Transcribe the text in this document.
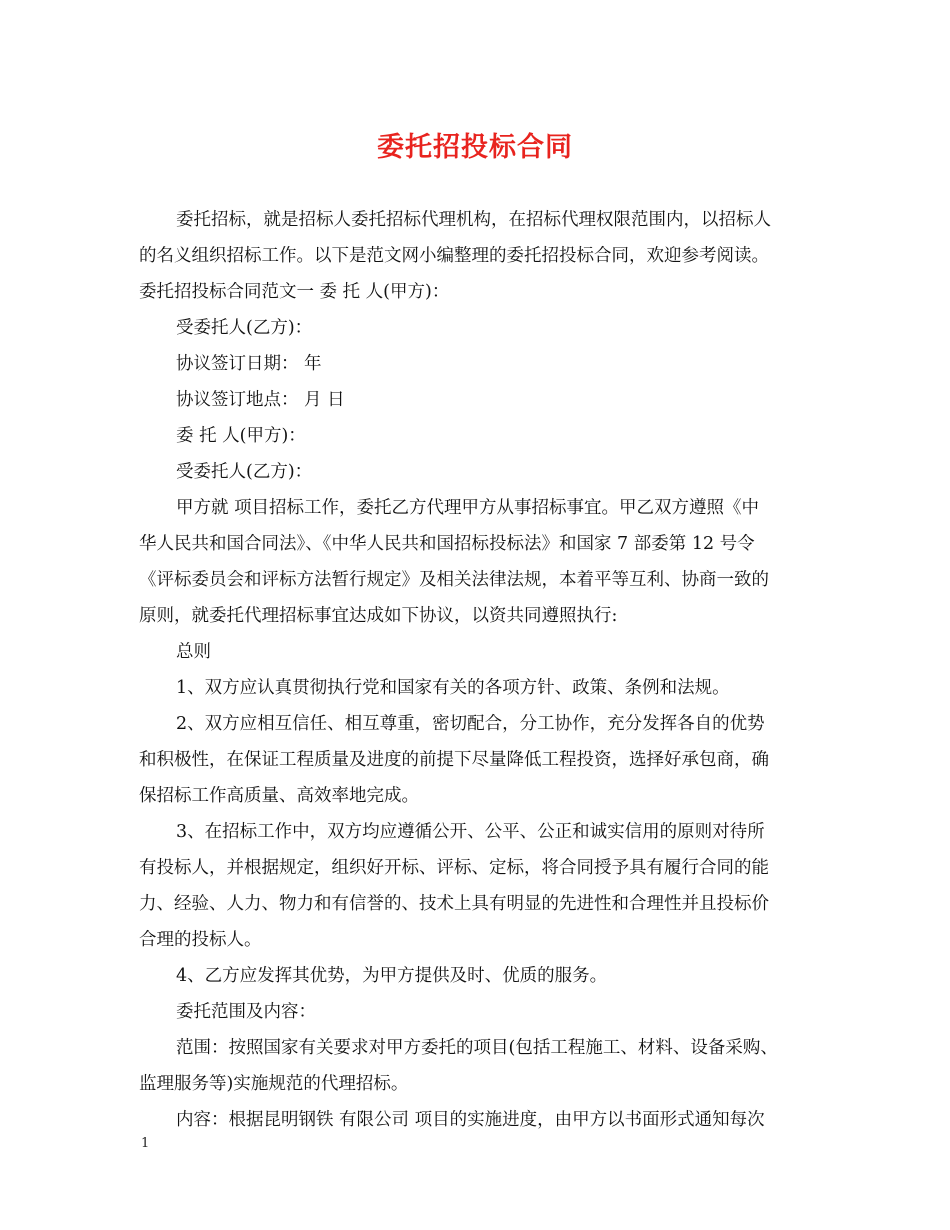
委托招投标合同
委托招标，就是招标人委托招标代理机构，在招标代理权限范围内，以招标人
的名义组织招标工作。以下是范文网小编整理的委托招投标合同，欢迎参考阅读。
委托招投标合同范文一 委 托 人(甲方)：
受委托人(乙方)：
协议签订日期： 年
协议签订地点： 月 日
委 托 人(甲方)：
受委托人(乙方)：
甲方就 项目招标工作，委托乙方代理甲方从事招标事宜。甲乙双方遵照《中
华人民共和国合同法》、《中华人民共和国招标投标法》和国家 7 部委第 12 号令
《评标委员会和评标方法暂行规定》及相关法律法规，本着平等互利、协商一致的
原则，就委托代理招标事宜达成如下协议，以资共同遵照执行:
总则
1、双方应认真贯彻执行党和国家有关的各项方针、政策、条例和法规。
2、双方应相互信任、相互尊重，密切配合，分工协作，充分发挥各自的优势
和积极性，在保证工程质量及进度的前提下尽量降低工程投资，选择好承包商，确
保招标工作高质量、高效率地完成。
3、在招标工作中，双方均应遵循公开、公平、公正和诚实信用的原则对待所
有投标人，并根据规定，组织好开标、评标、定标，将合同授予具有履行合同的能
力、经验、人力、物力和有信誉的、技术上具有明显的先进性和合理性并且投标价
合理的投标人。
4、乙方应发挥其优势，为甲方提供及时、优质的服务。
委托范围及内容：
范围：按照国家有关要求对甲方委托的项目(包括工程施工、材料、设备采购、
监理服务等)实施规范的代理招标。
内容：根据昆明钢铁 有限公司 项目的实施进度，由甲方以书面形式通知每次
1
